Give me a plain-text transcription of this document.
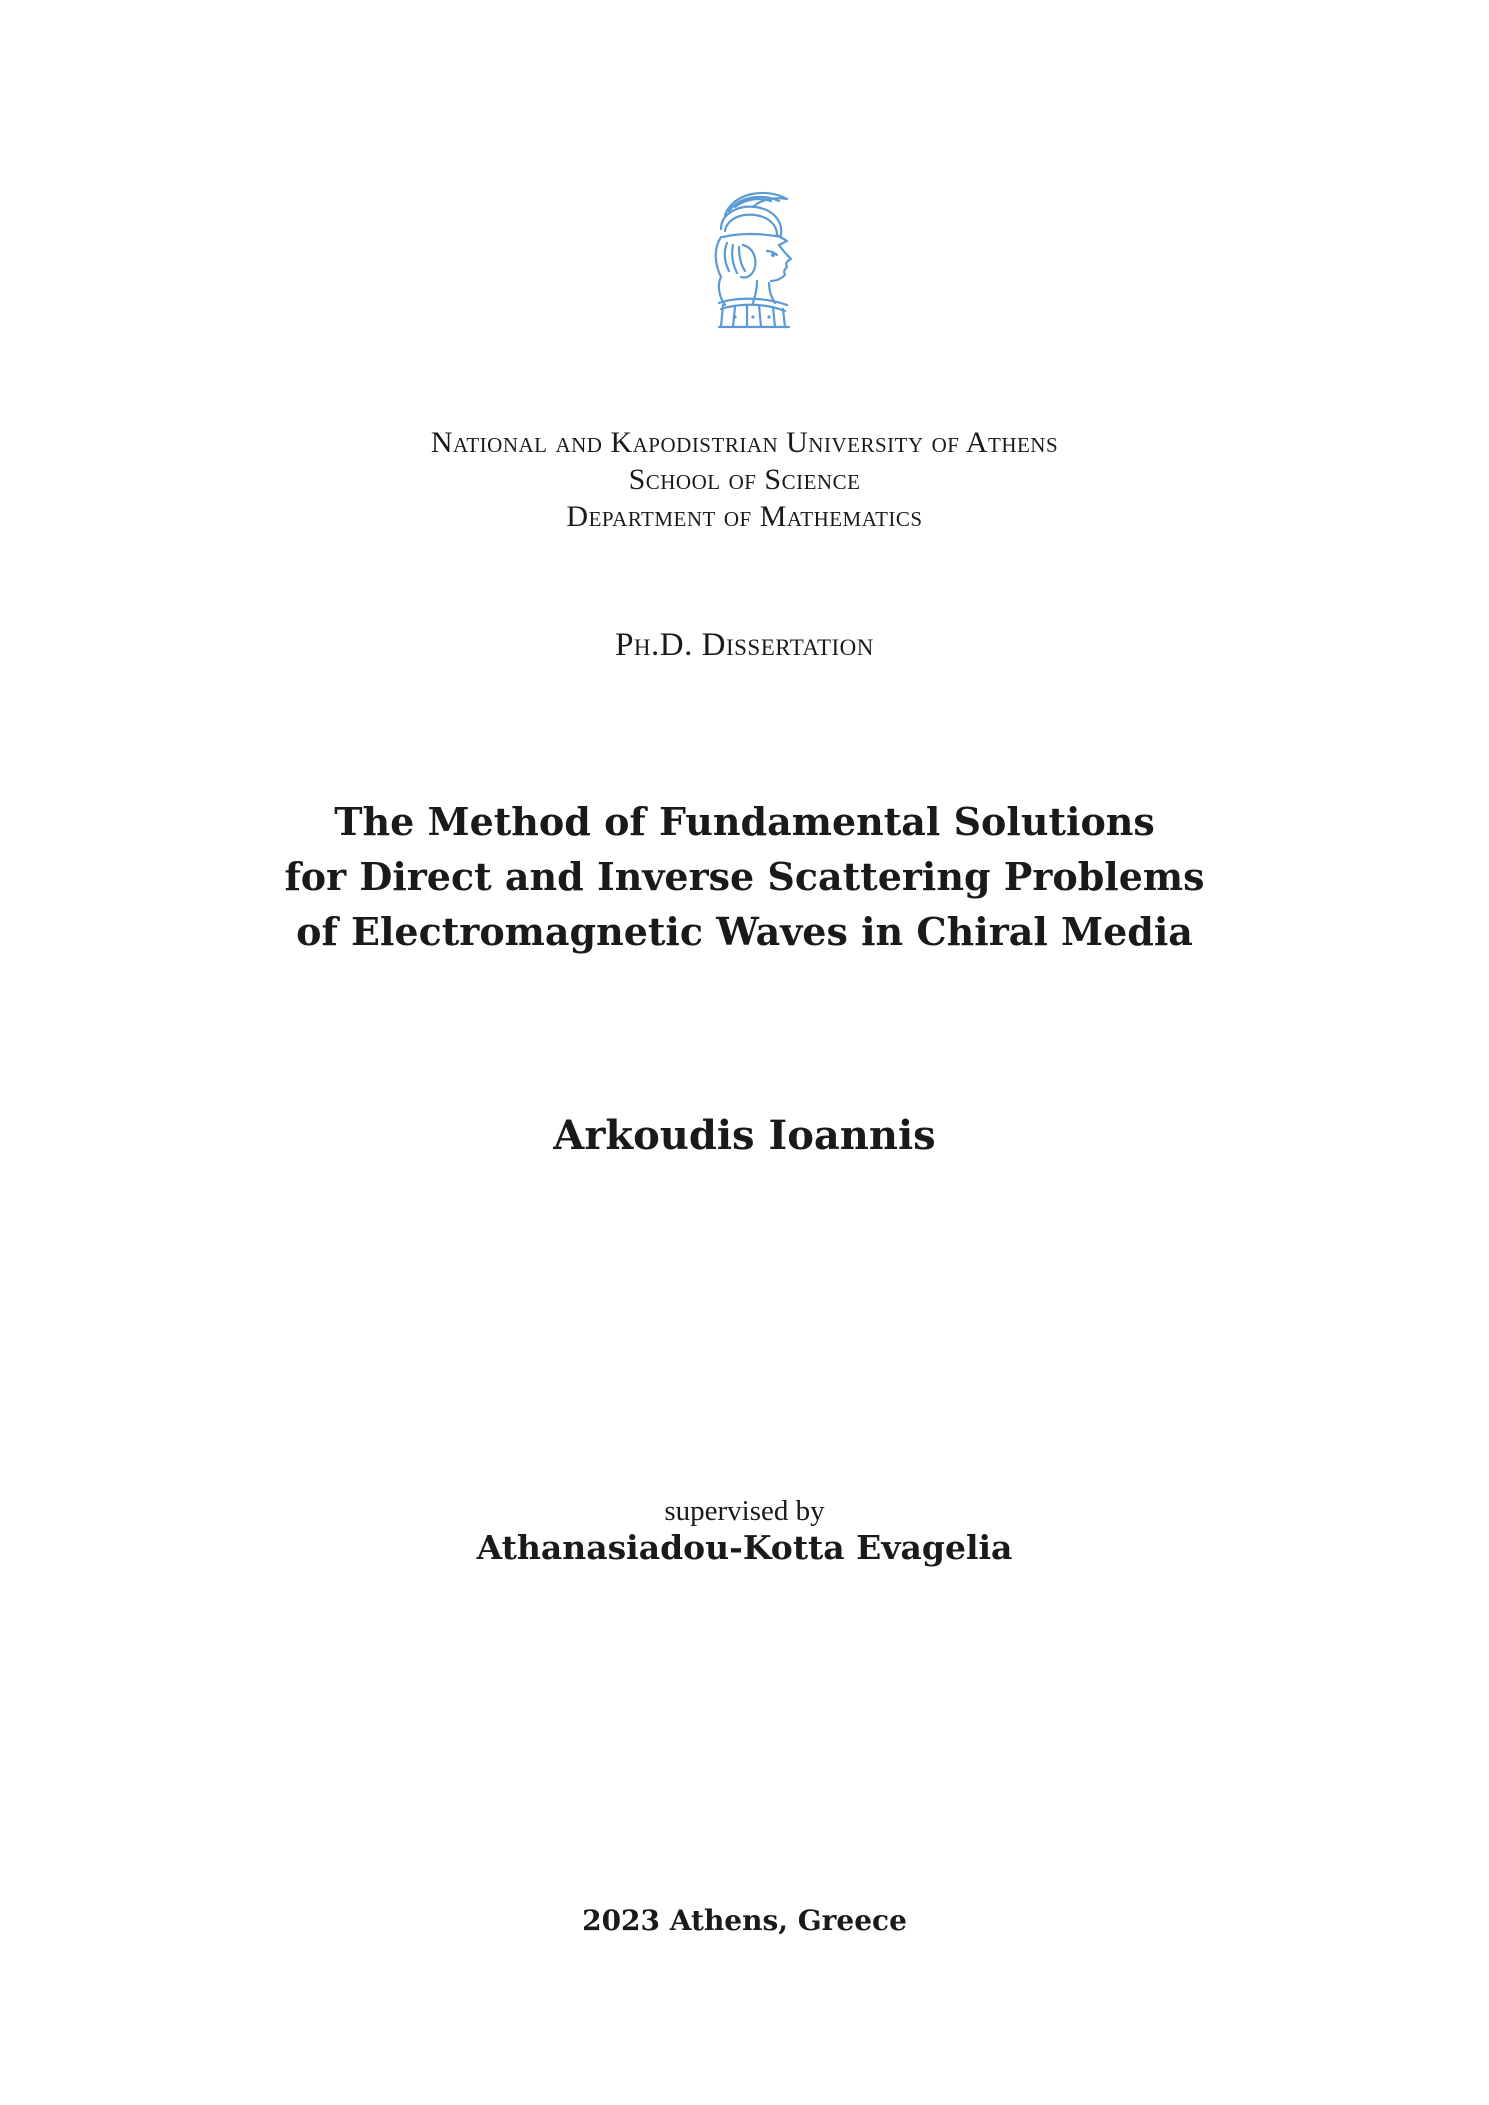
National and Kapodistrian University of Athens
School of Science
Department of Mathematics
Ph.D. Dissertation
The Method of Fundamental Solutions
for Direct and Inverse Scattering Problems
of Electromagnetic Waves in Chiral Media
Arkoudis Ioannis
supervised by
Athanasiadou-Kotta Evagelia
2023 Athens, Greece
